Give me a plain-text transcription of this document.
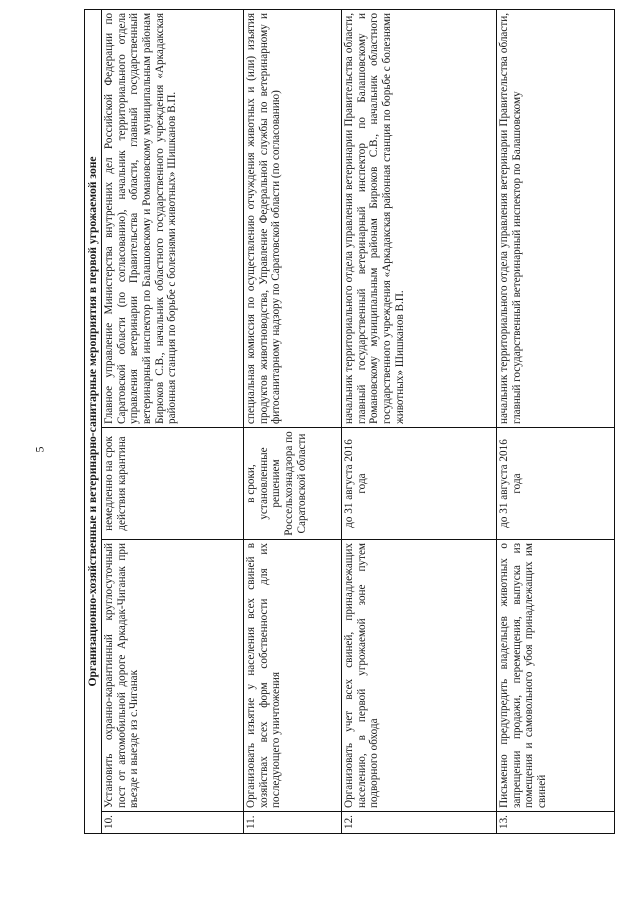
5	Организационно-хозяйственные и ветеринарно-санитарные мероприятия в первой угрожаемой зоне			
10.	Установить охранно-карантинный круглосуточный пост от автомобильной дороге Аркадак-Чиганак при въезде и выезде из с.Чиганак	немедленно на срок действия карантина	Главное управление Министерства внутренних дел Российской Федерации по Саратовской области (по согласованию), начальник территориального отдела управления ветеринарии Правительства области, главный государственный ветеринарный инспектор по Балашовскому и Романовскому муниципальным районам Бирюков С.В., начальник областного государственного учреждения «Аркадакская районная станция по борьбе с болезнями животных» Шишканов В.П.
11.	Организовать изъятие у населения всех свиней в хозяйствах всех форм собственности для их последующего уничтожения	в сроки, установленные решением Россельхознадзора по Саратовской области	специальная комиссия по осуществлению отчуждения животных и (или) изъятия продуктов животноводства, Управление Федеральной службы по ветеринарному и фитосанитарному надзору по Саратовской области (по согласованию)
12.	Организовать учет всех свиней, принадлежащих населению, в первой угрожаемой зоне путем подворного обхода	до 31 августа 2016 года	начальник территориального отдела управления ветеринарии Правительства области, главный государственный ветеринарный инспектор по Балашовскому и Романовскому муниципальным районам Бирюков С.В., начальник областного государственного учреждения «Аркадакская районная станция по борьбе с болезнями животных» Шишканов В.П.
13.	Письменно предупредить владельцев животных о запрещении продажи, перемещения, выпуска из помещения и самовольного убоя принадлежащих им свиней	до 31 августа 2016 года	начальник территориального отдела управления ветеринарии Правительства области, главный государственный ветеринарный инспектор по Балашовскому
